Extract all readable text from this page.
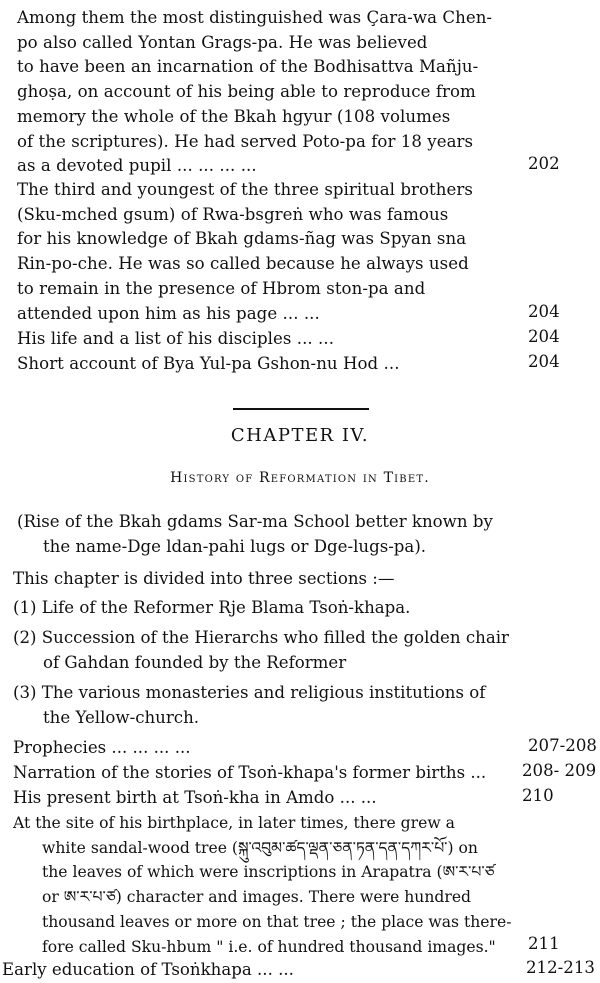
Among them the most distinguished was Çara-wa Chen-
po also called Yontan Grags-pa. He was believed
to have been an incarnation of the Bodhisattva Mañju-
ghoṣa, on account of his being able to reproduce from
memory the whole of the Bkah hgyur (108 volumes
of the scriptures). He had served Poto-pa for 18 years
as a devoted pupil ... ... ... ...	202
The third and youngest of the three spiritual brothers
(Sku-mched gsum) of Rwa-bsgreṅ who was famous
for his knowledge of Bkah gdams-ñag was Spyan sna
Rin-po-che. He was so called because he always used
to remain in the presence of Hbrom ston-pa and
attended upon him as his page ... ...	204
His life and a list of his disciples ... ...	204
Short account of Bya Yul-pa Gshon-nu Hod ...	204
CHAPTER IV.
History of Reformation in Tibet.
(Rise of the Bkah gdams Sar-ma School better known by
the name-Dge ldan-pahi lugs or Dge-lugs-pa).
This chapter is divided into three sections :—
(1) Life of the Reformer Rje Blama Tsoṅ-khapa.
(2) Succession of the Hierarchs who filled the golden chair
of Gahdan founded by the Reformer
(3) The various monasteries and religious institutions of
the Yellow-church.
Prophecies ... ... ... ...	207-208
Narration of the stories of Tsoṅ-khapa's former births ...	208- 209
His present birth at Tsoṅ-kha in Amdo ... ...	210
At the site of his birthplace, in later times, there grew a
white sandal-wood tree (སྐུ་འབུམ་ཚད་ལྡན་ཅན་ཏན་དན་དཀར་པོ་) on
the leaves of which were inscriptions in Arapatra (ཨ་ར་པ་ཙ
or ཨ་ར་པ་ཙ) character and images. There were hundred
thousand leaves or more on that tree ; the place was there-
fore called Sku-hbum " i.e. of hundred thousand images."	211
Early education of Tsoṅkhapa ... ...	212-213
